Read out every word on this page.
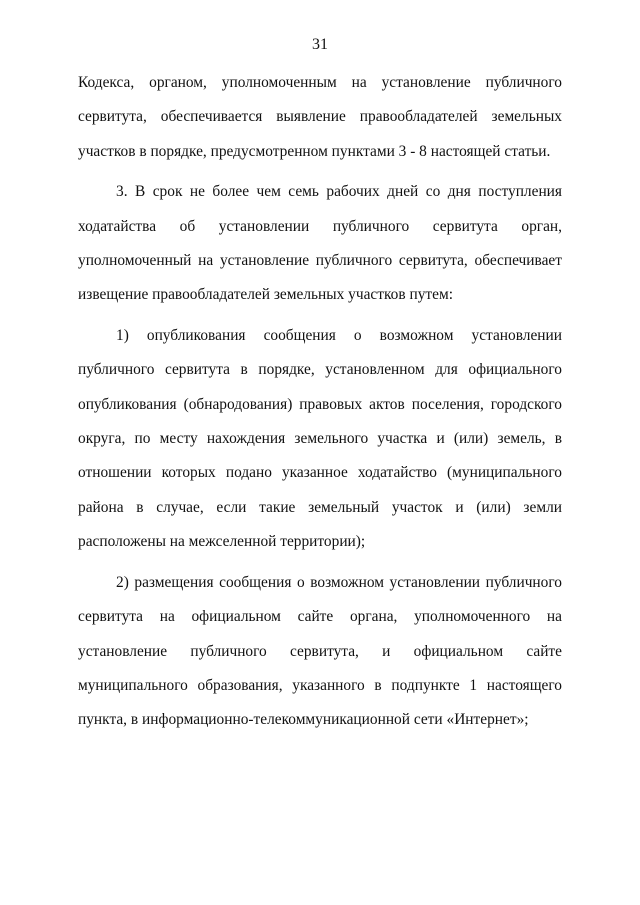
31

Кодекса, органом, уполномоченным на установление публичного сервитута, обеспечивается выявление правообладателей земельных участков в порядке, предусмотренном пунктами 3 - 8 настоящей статьи.

3. В срок не более чем семь рабочих дней со дня поступления ходатайства об установлении публичного сервитута орган, уполномоченный на установление публичного сервитута, обеспечивает извещение правообладателей земельных участков путем:

1) опубликования сообщения о возможном установлении публичного сервитута в порядке, установленном для официального опубликования (обнародования) правовых актов поселения, городского округа, по месту нахождения земельного участка и (или) земель, в отношении которых подано указанное ходатайство (муниципального района в случае, если такие земельный участок и (или) земли расположены на межселенной территории);

2) размещения сообщения о возможном установлении публичного сервитута на официальном сайте органа, уполномоченного на установление публичного сервитута, и официальном сайте муниципального образования, указанного в подпункте 1 настоящего пункта, в информационно-телекоммуникационной сети «Интернет»;
